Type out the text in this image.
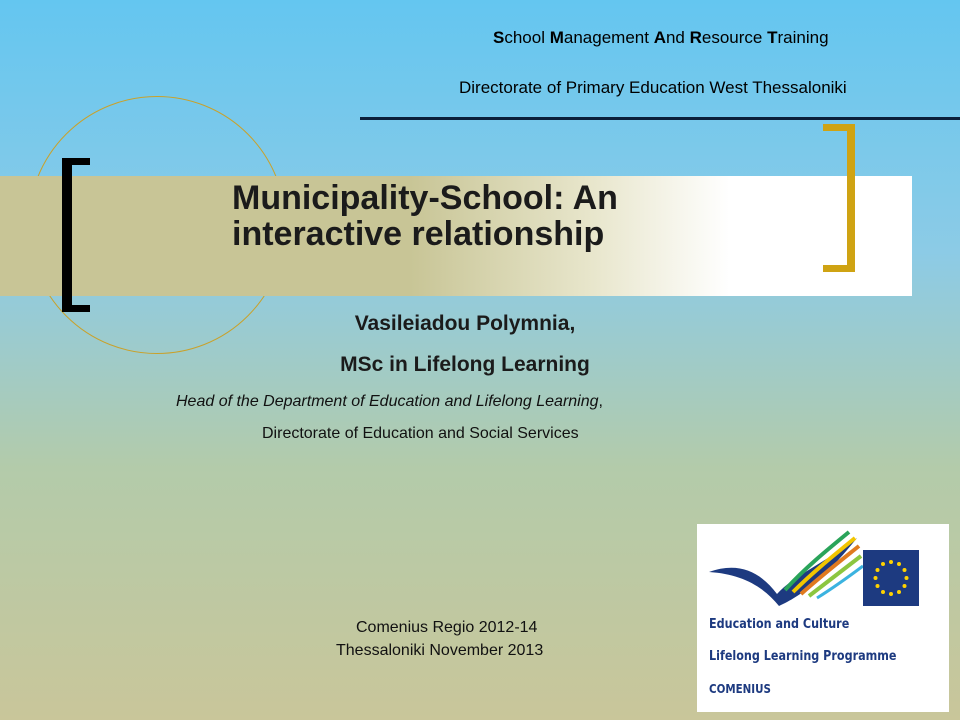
School Management And Resource Training
Directorate of Primary Education West Thessaloniki
Municipality-School: An
interactive relationship
Vasileiadou Polymnia,
MSc in Lifelong Learning
Head of the Department of Education and Lifelong Learning,
Directorate of Education and Social Services
Comenius Regio 2012-14
Thessaloniki November 2013
Education and Culture
Lifelong Learning Programme
COMENIUS
